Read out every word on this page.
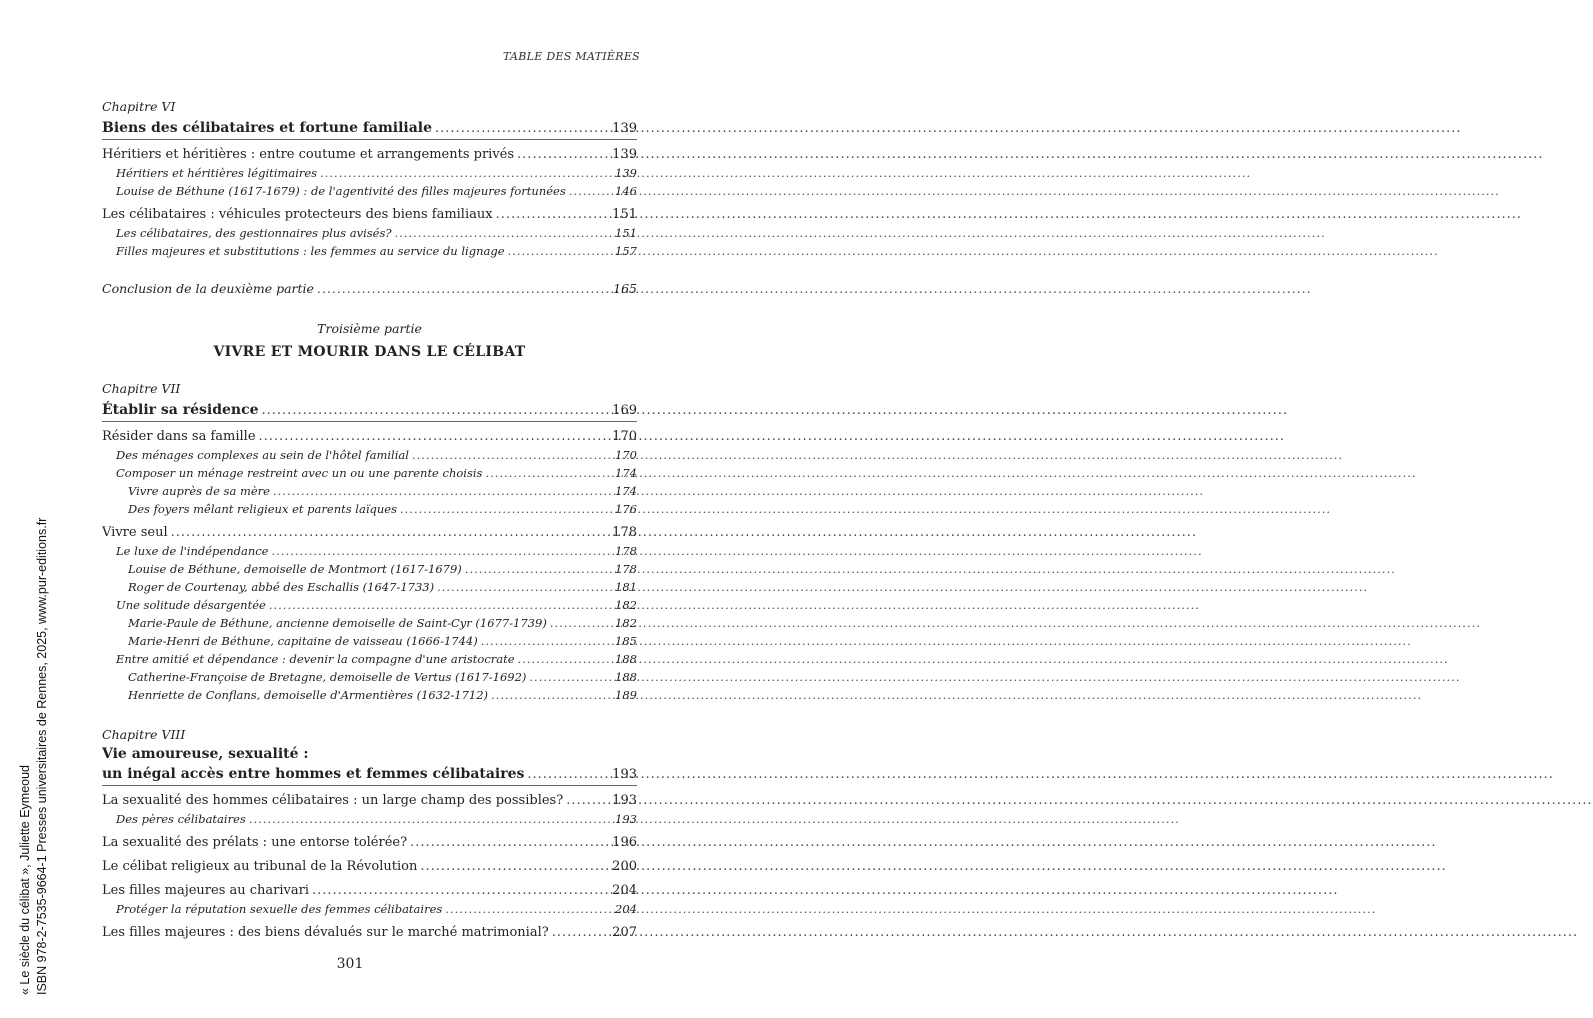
TABLE DES MATIÈRES
Chapitre VI
Biens des célibataires et fortune familiale .....	139
Héritiers et héritières : entre coutume et arrangements privés .....	139
Héritiers et héritières légitimaires .....	139
Louise de Béthune (1617-1679) : de l'agentivité des filles majeures fortunées .....	146
Les célibataires : véhicules protecteurs des biens familiaux .....	151
Les célibataires, des gestionnaires plus avisés? .....	151
Filles majeures et substitutions : les femmes au service du lignage .....	157
Conclusion de la deuxième partie .....	165
Troisième partie
VIVRE ET MOURIR DANS LE CÉLIBAT
Chapitre VII
Établir sa résidence .....	169
Résider dans sa famille .....	170
Des ménages complexes au sein de l'hôtel familial .....	170
Composer un ménage restreint avec un ou une parente choisis .....	174
Vivre auprès de sa mère .....	174
Des foyers mêlant religieux et parents laïques .....	176
Vivre seul .....	178
Le luxe de l'indépendance .....	178
Louise de Béthune, demoiselle de Montmort (1617-1679) .....	178
Roger de Courtenay, abbé des Eschallis (1647-1733) .....	181
Une solitude désargentée .....	182
Marie-Paule de Béthune, ancienne demoiselle de Saint-Cyr (1677-1739) .....	182
Marie-Henri de Béthune, capitaine de vaisseau (1666-1744) .....	185
Entre amitié et dépendance : devenir la compagne d'une aristocrate .....	188
Catherine-Françoise de Bretagne, demoiselle de Vertus (1617-1692) .....	188
Henriette de Conflans, demoiselle d'Armentières (1632-1712) .....	189
Chapitre VIII
Vie amoureuse, sexualité :
un inégal accès entre hommes et femmes célibataires .....	193
La sexualité des hommes célibataires : un large champ des possibles? .....	193
Des pères célibataires .....	193
La sexualité des prélats : une entorse tolérée? .....	196
Le célibat religieux au tribunal de la Révolution .....	200
Les filles majeures au charivari .....	204
Protéger la réputation sexuelle des femmes célibataires .....	204
Les filles majeures : des biens dévalués sur le marché matrimonial? .....	207
301
« Le siècle du célibat », Juliette Eymeoud ISBN 978-2-7535-9664-1 Presses universitaires de Rennes, 2025, www.pur-editions.fr
